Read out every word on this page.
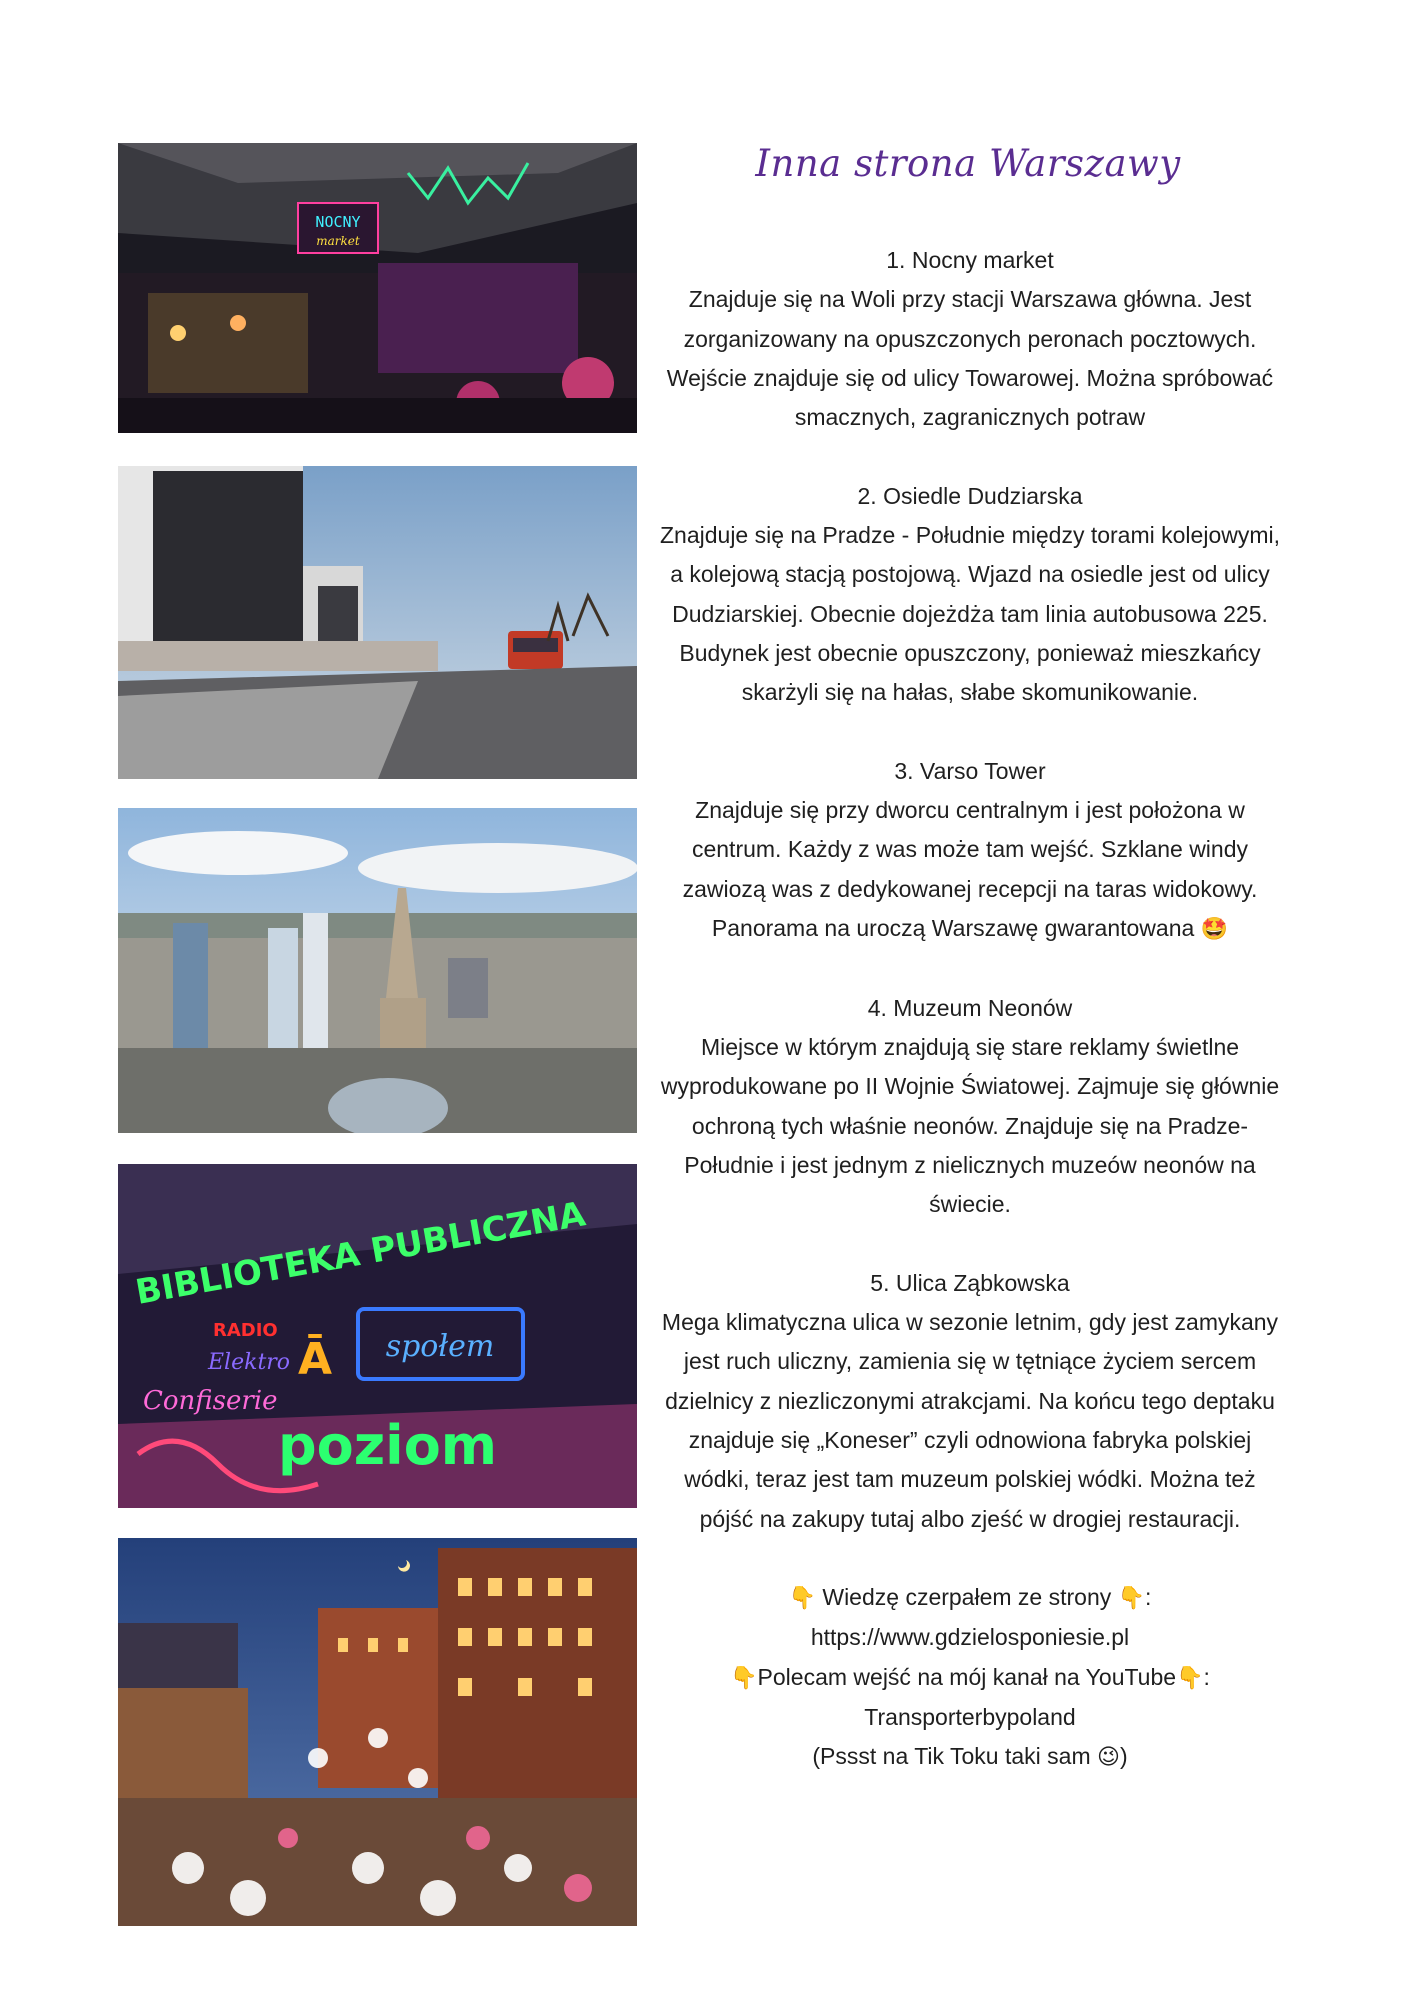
NOCNY
market
BIBLIOTEKA PUBLICZNA
RADIO
Elektro Ā społem
Confiserie
poziom
Inna strona Warszawy

1. Nocny market

Znajduje się na Woli przy stacji Warszawa główna. Jest zorganizowany na opuszczonych peronach pocztowych. Wejście znajduje się od ulicy Towarowej. Można spróbować smacznych, zagranicznych potraw

2. Osiedle Dudziarska

Znajduje się na Pradze - Południe między torami kolejowymi, a kolejową stacją postojową. Wjazd na osiedle jest od ulicy Dudziarskiej. Obecnie dojeżdża tam linia autobusowa 225. Budynek jest obecnie opuszczony, ponieważ mieszkańcy skarżyli się na hałas, słabe skomunikowanie.

3. Varso Tower

Znajduje się przy dworcu centralnym i jest położona w centrum. Każdy z was może tam wejść. Szklane windy zawiozą was z dedykowanej recepcji na taras widokowy. Panorama na uroczą Warszawę gwarantowana 🤩

4. Muzeum Neonów

Miejsce w którym znajdują się stare reklamy świetlne wyprodukowane po II Wojnie Światowej. Zajmuje się głównie ochroną tych właśnie neonów. Znajduje się na Pradze-Południe i jest jednym z nielicznych muzeów neonów na świecie.

5. Ulica Ząbkowska

Mega klimatyczna ulica w sezonie letnim, gdy jest zamykany jest ruch uliczny, zamienia się w tętniące życiem sercem dzielnicy z niezliczonymi atrakcjami. Na końcu tego deptaku znajduje się „Koneser” czyli odnowiona fabryka polskiej wódki, teraz jest tam muzeum polskiej wódki. Można też pójść na zakupy tutaj albo zjeść w drogiej restauracji.

👇 Wiedzę czerpałem ze strony 👇:

https://www.gdzielosponiesie.pl

👇Polecam wejść na mój kanał na YouTube👇:

Transporterbypoland

(Pssst na Tik Toku taki sam 😉)
